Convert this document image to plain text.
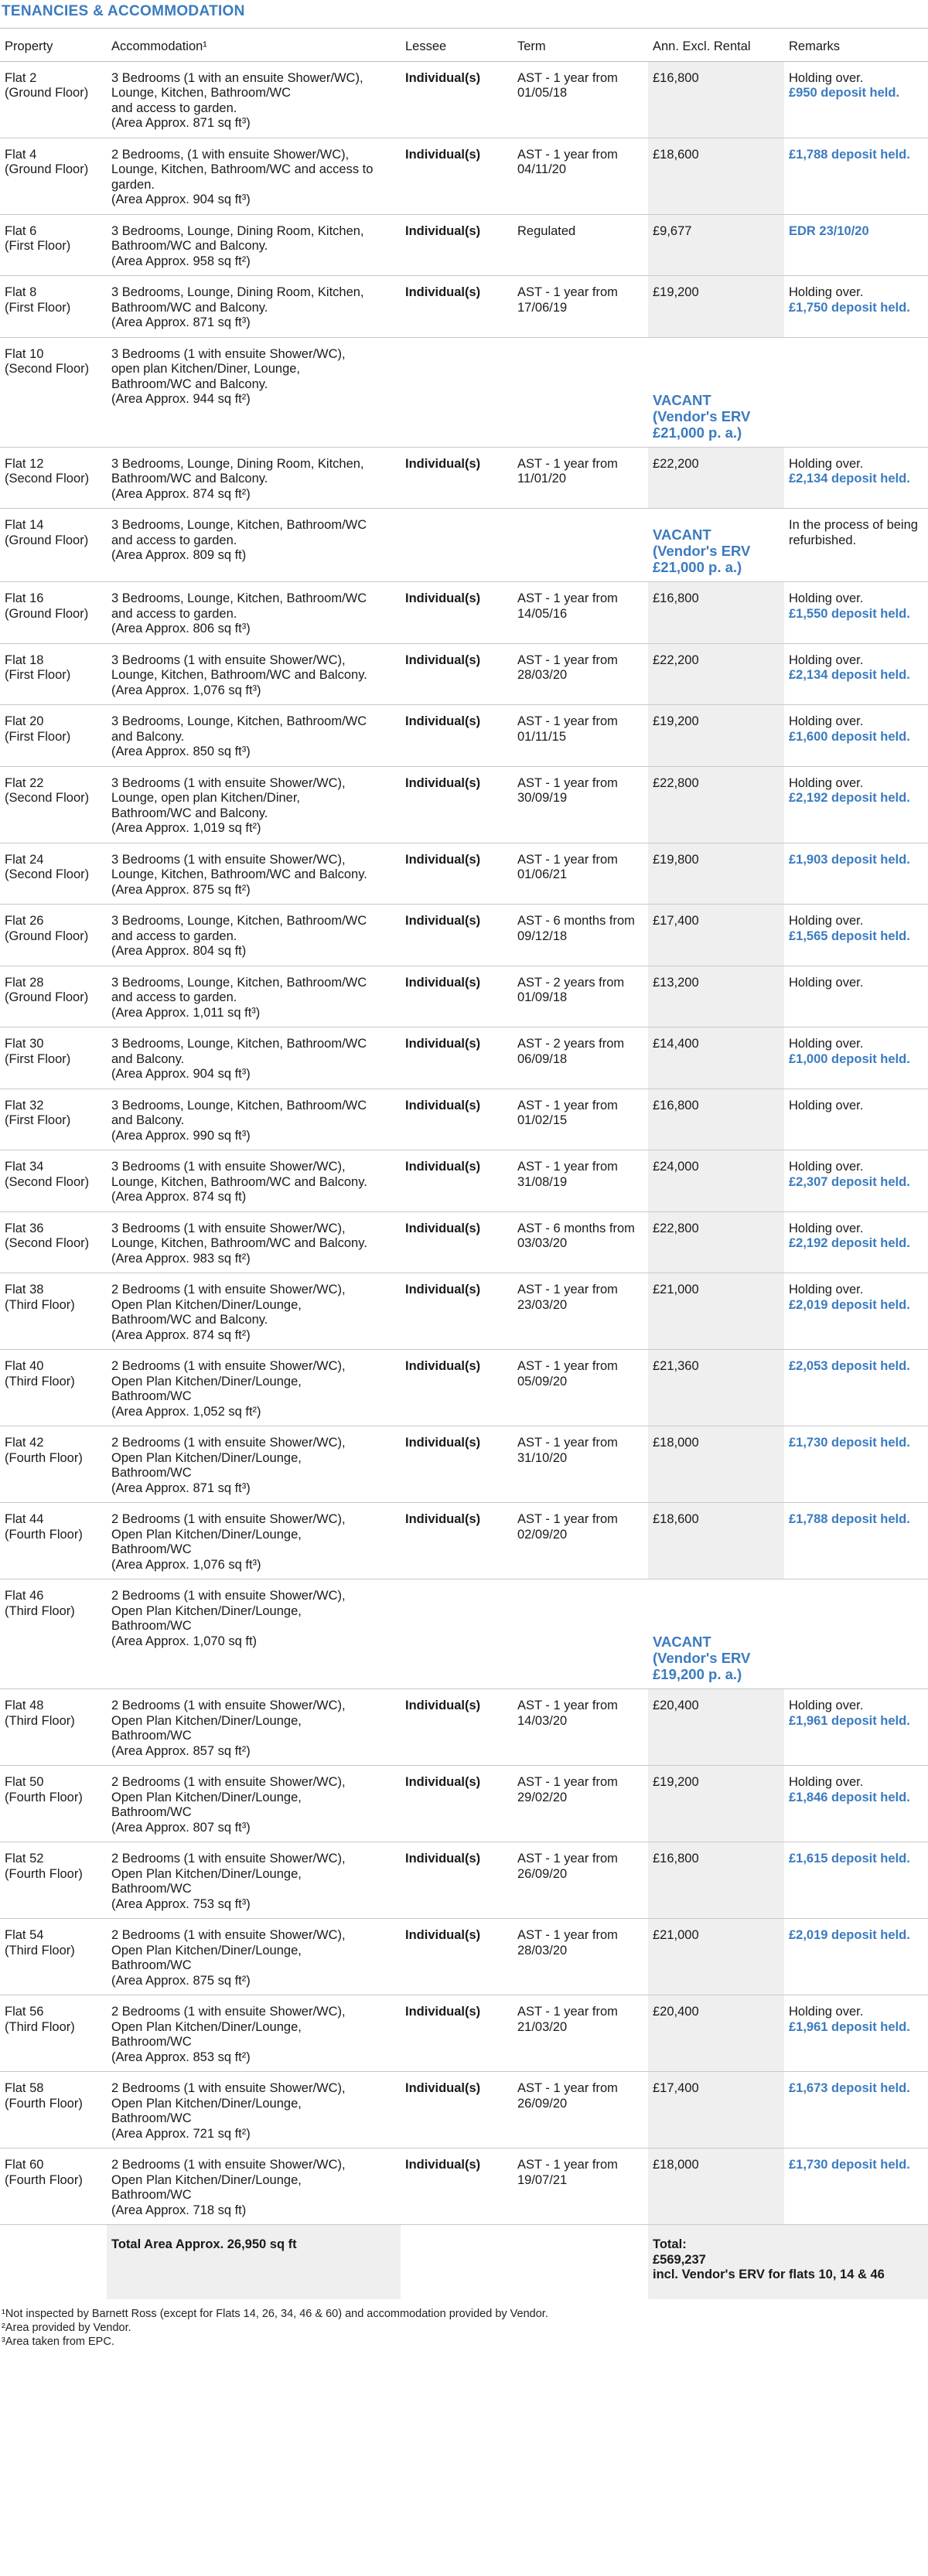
TENANCIES & ACCOMMODATION
Property	Accommodation¹	Lessee	Term	Ann. Excl. Rental	Remarks

Flat 2
(Ground Floor)	3 Bedrooms (1 with an ensuite Shower/WC),
Lounge, Kitchen, Bathroom/WC
and access to garden.
(Area Approx. 871 sq ft³)	Individual(s)	AST - 1 year from
01/05/18	£16,800	Holding over.
£950 deposit held.

Flat 4
(Ground Floor)	2 Bedrooms, (1 with ensuite Shower/WC),
Lounge, Kitchen, Bathroom/WC and access to
garden.
(Area Approx. 904 sq ft³)	Individual(s)	AST - 1 year from
04/11/20	£18,600	£1,788 deposit held.

Flat 6
(First Floor)	3 Bedrooms, Lounge, Dining Room, Kitchen,
Bathroom/WC and Balcony.
(Area Approx. 958 sq ft²)	Individual(s)	Regulated	£9,677	EDR 23/10/20

Flat 8
(First Floor)	3 Bedrooms, Lounge, Dining Room, Kitchen,
Bathroom/WC and Balcony.
(Area Approx. 871 sq ft³)	Individual(s)	AST - 1 year from
17/06/19	£19,200	Holding over.
£1,750 deposit held.

Flat 10
(Second Floor)	3 Bedrooms (1 with ensuite Shower/WC),
open plan Kitchen/Diner, Lounge,
Bathroom/WC and Balcony.
(Area Approx. 944 sq ft²)			VACANT
(Vendor's ERV
£21,000 p. a.)	

Flat 12
(Second Floor)	3 Bedrooms, Lounge, Dining Room, Kitchen,
Bathroom/WC and Balcony.
(Area Approx. 874 sq ft²)	Individual(s)	AST - 1 year from
11/01/20	£22,200	Holding over.
£2,134 deposit held.

Flat 14
(Ground Floor)	3 Bedrooms, Lounge, Kitchen, Bathroom/WC
and access to garden.
(Area Approx. 809 sq ft)			VACANT
(Vendor's ERV
£21,000 p. a.)	In the process of being refurbished.

Flat 16
(Ground Floor)	3 Bedrooms, Lounge, Kitchen, Bathroom/WC
and access to garden.
(Area Approx. 806 sq ft³)	Individual(s)	AST - 1 year from
14/05/16	£16,800	Holding over.
£1,550 deposit held.

Flat 18
(First Floor)	3 Bedrooms (1 with ensuite Shower/WC),
Lounge, Kitchen, Bathroom/WC and Balcony.
(Area Approx. 1,076 sq ft³)	Individual(s)	AST - 1 year from
28/03/20	£22,200	Holding over.
£2,134 deposit held.

Flat 20
(First Floor)	3 Bedrooms, Lounge, Kitchen, Bathroom/WC
and Balcony.
(Area Approx. 850 sq ft³)	Individual(s)	AST - 1 year from
01/11/15	£19,200	Holding over.
£1,600 deposit held.

Flat 22
(Second Floor)	3 Bedrooms (1 with ensuite Shower/WC),
Lounge, open plan Kitchen/Diner,
Bathroom/WC and Balcony.
(Area Approx. 1,019 sq ft²)	Individual(s)	AST - 1 year from
30/09/19	£22,800	Holding over.
£2,192 deposit held.

Flat 24
(Second Floor)	3 Bedrooms (1 with ensuite Shower/WC),
Lounge, Kitchen, Bathroom/WC and Balcony.
(Area Approx. 875 sq ft²)	Individual(s)	AST - 1 year from
01/06/21	£19,800	£1,903 deposit held.

Flat 26
(Ground Floor)	3 Bedrooms, Lounge, Kitchen, Bathroom/WC
and access to garden.
(Area Approx. 804 sq ft)	Individual(s)	AST - 6 months from
09/12/18	£17,400	Holding over.
£1,565 deposit held.

Flat 28
(Ground Floor)	3 Bedrooms, Lounge, Kitchen, Bathroom/WC
and access to garden.
(Area Approx. 1,011 sq ft³)	Individual(s)	AST - 2 years from
01/09/18	£13,200	Holding over.

Flat 30
(First Floor)	3 Bedrooms, Lounge, Kitchen, Bathroom/WC
and Balcony.
(Area Approx. 904 sq ft³)	Individual(s)	AST - 2 years from
06/09/18	£14,400	Holding over.
£1,000 deposit held.

Flat 32
(First Floor)	3 Bedrooms, Lounge, Kitchen, Bathroom/WC
and Balcony.
(Area Approx. 990 sq ft³)	Individual(s)	AST - 1 year from
01/02/15	£16,800	Holding over.

Flat 34
(Second Floor)	3 Bedrooms (1 with ensuite Shower/WC),
Lounge, Kitchen, Bathroom/WC and Balcony.
(Area Approx. 874 sq ft)	Individual(s)	AST - 1 year from
31/08/19	£24,000	Holding over.
£2,307 deposit held.

Flat 36
(Second Floor)	3 Bedrooms (1 with ensuite Shower/WC),
Lounge, Kitchen, Bathroom/WC and Balcony.
(Area Approx. 983 sq ft²)	Individual(s)	AST - 6 months from
03/03/20	£22,800	Holding over.
£2,192 deposit held.

Flat 38
(Third Floor)	2 Bedrooms (1 with ensuite Shower/WC),
Open Plan Kitchen/Diner/Lounge,
Bathroom/WC and Balcony.
(Area Approx. 874 sq ft²)	Individual(s)	AST - 1 year from
23/03/20	£21,000	Holding over.
£2,019 deposit held.

Flat 40
(Third Floor)	2 Bedrooms (1 with ensuite Shower/WC),
Open Plan Kitchen/Diner/Lounge,
Bathroom/WC
(Area Approx. 1,052 sq ft²)	Individual(s)	AST - 1 year from
05/09/20	£21,360	£2,053 deposit held.

Flat 42
(Fourth Floor)	2 Bedrooms (1 with ensuite Shower/WC),
Open Plan Kitchen/Diner/Lounge,
Bathroom/WC
(Area Approx. 871 sq ft³)	Individual(s)	AST - 1 year from
31/10/20	£18,000	£1,730 deposit held.

Flat 44
(Fourth Floor)	2 Bedrooms (1 with ensuite Shower/WC),
Open Plan Kitchen/Diner/Lounge,
Bathroom/WC
(Area Approx. 1,076 sq ft³)	Individual(s)	AST - 1 year from
02/09/20	£18,600	£1,788 deposit held.

Flat 46
(Third Floor)	2 Bedrooms (1 with ensuite Shower/WC),
Open Plan Kitchen/Diner/Lounge,
Bathroom/WC
(Area Approx. 1,070 sq ft)			VACANT
(Vendor's ERV
£19,200 p. a.)	

Flat 48
(Third Floor)	2 Bedrooms (1 with ensuite Shower/WC),
Open Plan Kitchen/Diner/Lounge,
Bathroom/WC
(Area Approx. 857 sq ft²)	Individual(s)	AST - 1 year from
14/03/20	£20,400	Holding over.
£1,961 deposit held.

Flat 50
(Fourth Floor)	2 Bedrooms (1 with ensuite Shower/WC),
Open Plan Kitchen/Diner/Lounge,
Bathroom/WC
(Area Approx. 807 sq ft³)	Individual(s)	AST - 1 year from
29/02/20	£19,200	Holding over.
£1,846 deposit held.

Flat 52
(Fourth Floor)	2 Bedrooms (1 with ensuite Shower/WC),
Open Plan Kitchen/Diner/Lounge,
Bathroom/WC
(Area Approx. 753 sq ft³)	Individual(s)	AST - 1 year from
26/09/20	£16,800	£1,615 deposit held.

Flat 54
(Third Floor)	2 Bedrooms (1 with ensuite Shower/WC),
Open Plan Kitchen/Diner/Lounge,
Bathroom/WC
(Area Approx. 875 sq ft²)	Individual(s)	AST - 1 year from
28/03/20	£21,000	£2,019 deposit held.

Flat 56
(Third Floor)	2 Bedrooms (1 with ensuite Shower/WC),
Open Plan Kitchen/Diner/Lounge,
Bathroom/WC
(Area Approx. 853 sq ft²)	Individual(s)	AST - 1 year from
21/03/20	£20,400	Holding over.
£1,961 deposit held.

Flat 58
(Fourth Floor)	2 Bedrooms (1 with ensuite Shower/WC),
Open Plan Kitchen/Diner/Lounge,
Bathroom/WC
(Area Approx. 721 sq ft²)	Individual(s)	AST - 1 year from
26/09/20	£17,400	£1,673 deposit held.

Flat 60
(Fourth Floor)	2 Bedrooms (1 with ensuite Shower/WC),
Open Plan Kitchen/Diner/Lounge,
Bathroom/WC
(Area Approx. 718 sq ft)	Individual(s)	AST - 1 year from
19/07/21	£18,000	£1,730 deposit held.

	Total Area Approx. 26,950 sq ft			Total:
£569,237
incl. Vendor's ERV for flats 10, 14 & 46	
¹Not inspected by Barnett Ross (except for Flats 14, 26, 34, 46 & 60) and accommodation provided by Vendor.
²Area provided by Vendor.
³Area taken from EPC.
